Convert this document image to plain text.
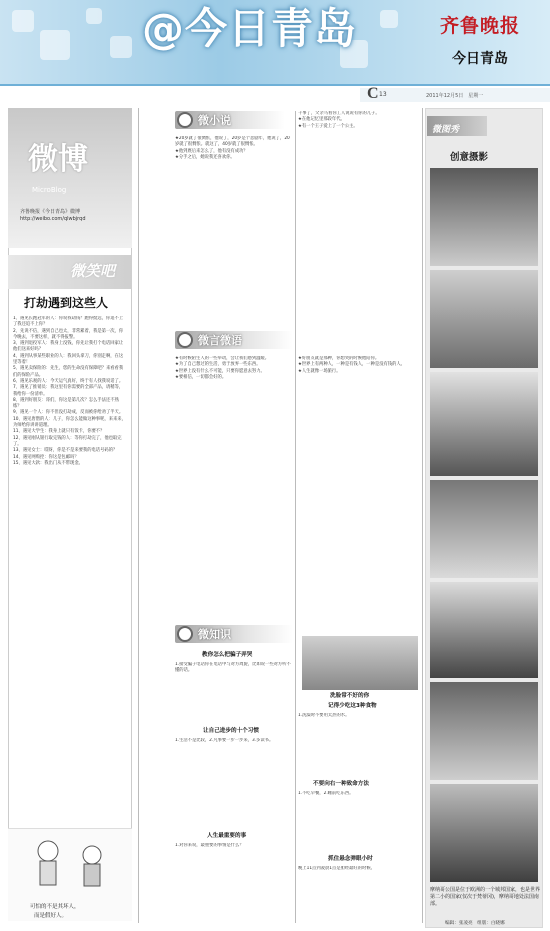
@今日青岛	齐鲁晚报
今日青岛
C 13	2011年12月5日　星期一
微博
MicroBlog
齐鲁晚报《今日青岛》微博
http://weibo.com/qlwbjrqd
微笑吧
打劫遇到这些人

1、遇见长跑冠军的人：你说我劫钱？跑得挺远，你追不上了我还追不上你？

2、先说不信，遇到自己也太，非常累着，我是第一次，你今晚去，不要这样，就不得报警。

3、遇到退役军人：我身上没钱，你先让我打个电话回家让他们送来好吗？

4、遇到从事某些职业的人：我回头拿刀，你别走啊，在这里等着！

5、遇见卖保险的：先生，您的生命没有保障吧？来看看我们的保险产品。

6、遇见乐观的人：今天运气真好，终于有人找我说话了。

7、遇见了推销员：我这里有你需要的全部产品，请稍等，我给你一份清单。

8、遇到好朋友：哥们，你这是第几次？怎么手法还不熟练？

9、遇见一个人：你不但没打劫成，反而被你给劝了半天。

10、遇见唐僧的人：儿子，你怎么能做这种事呢，来来来，为师给你讲讲道理。

11、遇见大学生：我身上就只有饭卡，你要不？

12、遇见刚从银行取完钱的人：等你打劫完了，他也取完了。

13、遇见女士：哎呀，你是不是来要我的电话号码的？

14、遇见网购控：你这是包邮吗？

15、遇见大款：我出门从不带现金。

可怕的不是其坏人，
而是假好人。
微小说

★20岁就了很惆怅，他说了，20岁是个悲剧年，他说了，20岁就了很惆怅。就这了，40岁就了很惆怅。

★他到底后来怎么了，他有没有成功？

★分手之后，她说我还喜欢你。

干事了，父亲马看你工人说说有你的儿子。

★在他记忆里那段年代。

★有一个王子爱上了一个公主。

微言微语

★有时候陌生人的一些举动，会让我们感到温暖。

★为了自己想过的生活，勇于放弃一些东西。

★世界上没有什么不可能，只要你愿意去努力。

★要相信，一切都会好的。

★好朋友就是那种，你想哭的时候他陪你。

★世界上有两种人，一种是有钱人，一种是没有钱的人。

★人生就像一场旅行。

微知识
教你怎么把骗子弄哭
1.接受骗子电话你在电话中与对方周旋，比如说一些对方听不懂的话。
让自己进步的十个习惯
1.生活不是比较，2.凡事要一步一步来，3.多读书。
人生最重要的事
1.对你来说，最重要的事情是什么？
洗脸常不好的你
记得少吃这3种食物
1.洗澡时不要用太热的水。
不要向右一种致命方法
1.不吃早餐，2.睡前吃东西。
抓住悬念弹眼小时
晚上11点到凌晨1点是胆经最旺的时候。
微图秀
创意摄影
摩纳哥公国是位于欧洲的一个城邦国家，也是世界第二小的国家(仅次于梵蒂冈)，摩纳哥地处法国南部。
编辑：张凌亮　组版：白晓娜
